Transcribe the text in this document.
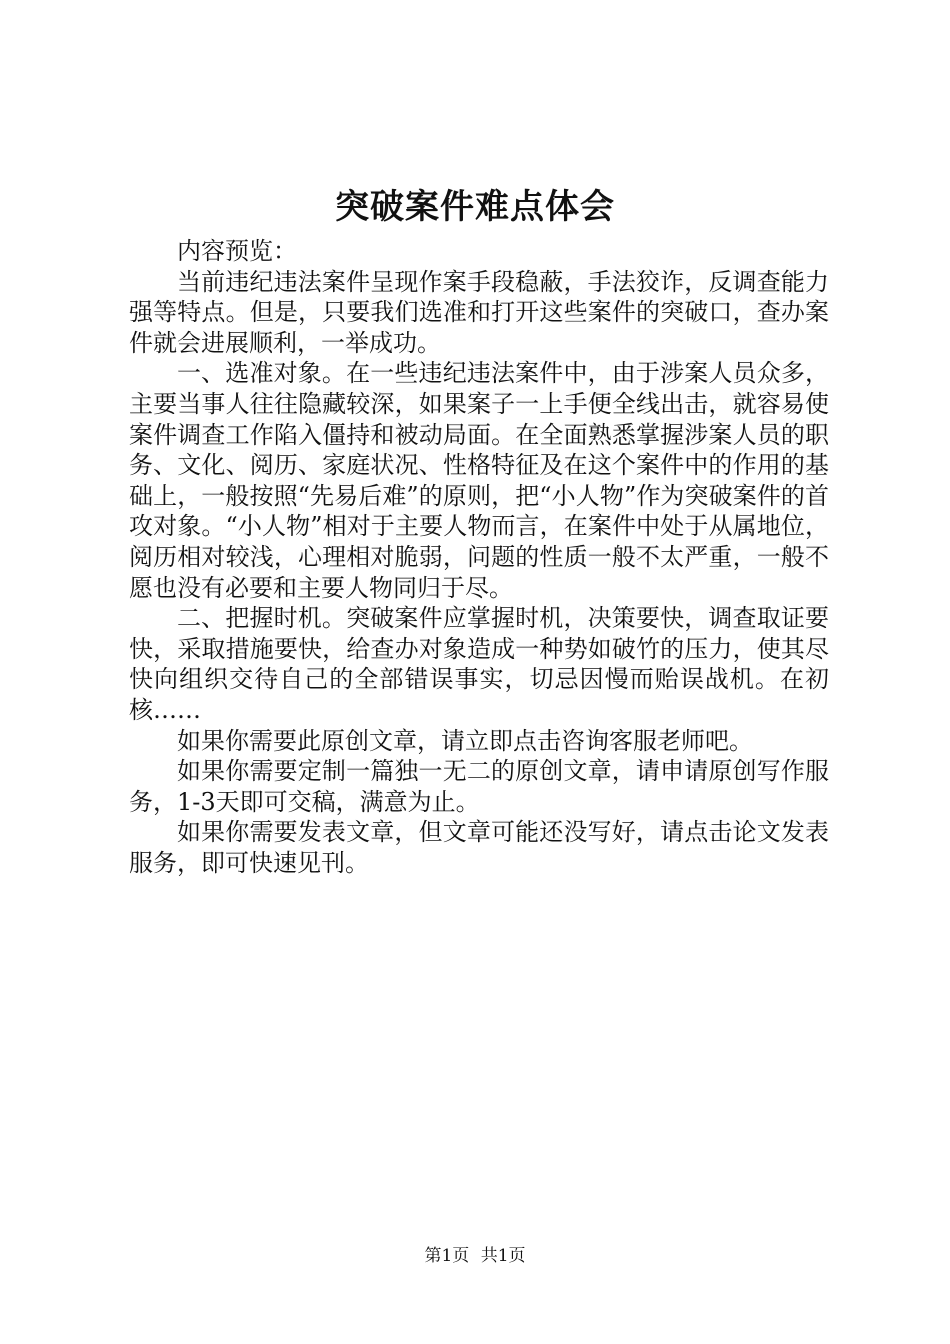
突破案件难点体会

内容预览：

当前违纪违法案件呈现作案手段稳蔽，手法狡诈，反调查能力强等特点。但是，只要我们选准和打开这些案件的突破口，查办案件就会进展顺利，一举成功。

一、选准对象。在一些违纪违法案件中，由于涉案人员众多，主要当事人往往隐藏较深，如果案子一上手便全线出击，就容易使案件调查工作陷入僵持和被动局面。在全面熟悉掌握涉案人员的职务、文化、阅历、家庭状况、性格特征及在这个案件中的作用的基础上，一般按照“先易后难”的原则，把“小人物”作为突破案件的首攻对象。“小人物”相对于主要人物而言，在案件中处于从属地位，阅历相对较浅，心理相对脆弱，问题的性质一般不太严重，一般不愿也没有必要和主要人物同归于尽。

二、把握时机。突破案件应掌握时机，决策要快，调查取证要快，采取措施要快，给查办对象造成一种势如破竹的压力，使其尽快向组织交待自己的全部错误事实，切忌因慢而贻误战机。在初核……

如果你需要此原创文章，请立即点击咨询客服老师吧。

如果你需要定制一篇独一无二的原创文章，请申请原创写作服务，1-3天即可交稿，满意为止。

如果你需要发表文章，但文章可能还没写好，请点击论文发表服务，即可快速见刊。

第1页 共1页
